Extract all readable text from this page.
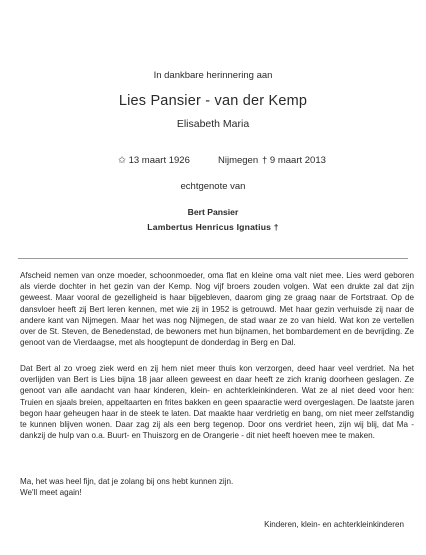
In dankbare herinnering aan
Lies Pansier - van der Kemp
Elisabeth Maria
✩ 13 maart 1926	Nijmegen † 9 maart 2013
echtgenote van
Bert Pansier
Lambertus Henricus Ignatius †

Afscheid nemen van onze moeder, schoonmoeder, oma flat en kleine oma valt niet mee. Lies werd geboren als vierde dochter in het gezin van der Kemp. Nog vijf broers zouden volgen. Wat een drukte zal dat zijn geweest. Maar vooral de gezelligheid is haar bijgebleven, daarom ging ze graag naar de Fortstraat. Op de dansvloer heeft zij Bert leren kennen, met wie zij in 1952 is getrouwd. Met haar gezin verhuisde zij naar de andere kant van Nijmegen. Maar het was nog Nijmegen, de stad waar ze zo van hield. Wat kon ze vertellen over de St. Steven, de Benedenstad, de bewoners met hun bijnamen, het bombardement en de bevrijding. Ze genoot van de Vierdaagse, met als hoogtepunt de donderdag in Berg en Dal.

Dat Bert al zo vroeg ziek werd en zij hem niet meer thuis kon verzorgen, deed haar veel verdriet. Na het overlijden van Bert is Lies bijna 18 jaar alleen geweest en daar heeft ze zich kranig doorheen geslagen. Ze genoot van alle aandacht van haar kinderen, klein- en achterkleinkinderen. Wat ze al niet deed voor hen: Truien en sjaals breien, appeltaarten en frites bakken en geen spaaractie werd overgeslagen. De laatste jaren begon haar geheugen haar in de steek te laten. Dat maakte haar verdrietig en bang, om niet meer zelfstandig te kunnen blijven wonen. Daar zag zij als een berg tegenop. Door ons verdriet heen, zijn wij blij, dat Ma - dankzij de hulp van o.a. Buurt- en Thuiszorg en de Orangerie - dit niet heeft hoeven mee te maken.

Ma, het was heel fijn, dat je zolang bij ons hebt kunnen zijn.
We'll meet again!
Kinderen, klein- en achterkleinkinderen
